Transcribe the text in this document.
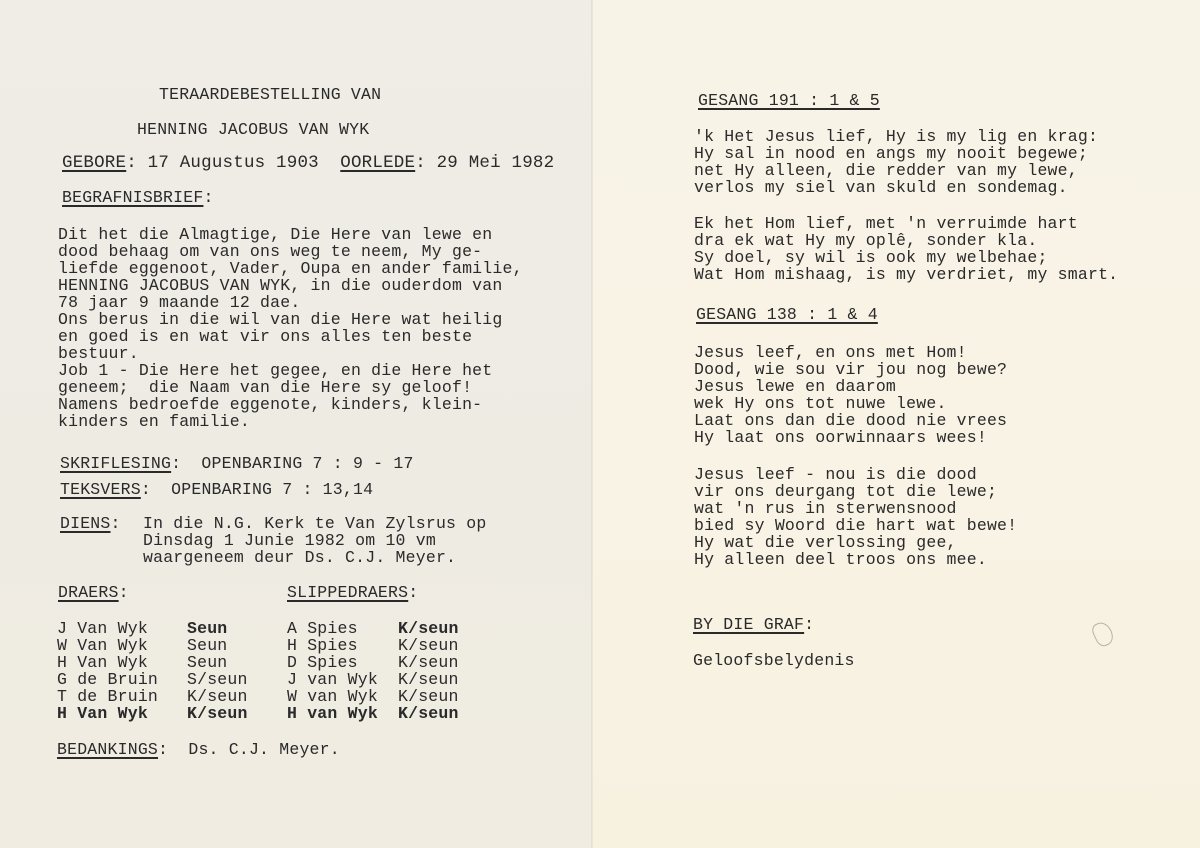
TERAARDEBESTELLING VAN
HENNING JACOBUS VAN WYK
GEBORE: 17 Augustus 1903 OORLEDE: 29 Mei 1982
BEGRAFNISBRIEF:
Dit het die Almagtige, Die Here van lewe en
dood behaag om van ons weg te neem, My ge-
liefde eggenoot, Vader, Oupa en ander familie,
HENNING JACOBUS VAN WYK, in die ouderdom van
78 jaar 9 maande 12 dae.
Ons berus in die wil van die Here wat heilig
en goed is en wat vir ons alles ten beste
bestuur.
Job 1 - Die Here het gegee, en die Here het
geneem;  die Naam van die Here sy geloof!
Namens bedroefde eggenote, kinders, klein-
kinders en familie.
SKRIFLESING:  OPENBARING 7 : 9 - 17
TEKSVERS:  OPENBARING 7 : 13,14
DIENS: In die N.G. Kerk te Van Zylsrus op
Dinsdag 1 Junie 1982 om 10 vm
waargeneem deur Ds. C.J. Meyer.
DRAERS:	SLIPPEDRAERS:
J Van Wyk Seun	A Spies K/seun
W Van Wyk Seun	H Spies K/seun
H Van Wyk Seun	D Spies K/seun
G de Bruin S/seun J van Wyk K/seun
T de Bruin K/seun W van Wyk K/seun
H Van Wyk K/seun H van Wyk K/seun
BEDANKINGS:  Ds. C.J. Meyer.
GESANG 191 : 1 & 5
'k Het Jesus lief, Hy is my lig en krag:
Hy sal in nood en angs my nooit begewe;
net Hy alleen, die redder van my lewe,
verlos my siel van skuld en sondemag.
Ek het Hom lief, met 'n verruimde hart
dra ek wat Hy my oplê, sonder kla.
Sy doel, sy wil is ook my welbehae;
Wat Hom mishaag, is my verdriet, my smart.
GESANG 138 : 1 & 4
Jesus leef, en ons met Hom!
Dood, wie sou vir jou nog bewe?
Jesus lewe en daarom
wek Hy ons tot nuwe lewe.
Laat ons dan die dood nie vrees
Hy laat ons oorwinnaars wees!
Jesus leef - nou is die dood
vir ons deurgang tot die lewe;
wat 'n rus in sterwensnood
bied sy Woord die hart wat bewe!
Hy wat die verlossing gee,
Hy alleen deel troos ons mee.
BY DIE GRAF:
Geloofsbelydenis
